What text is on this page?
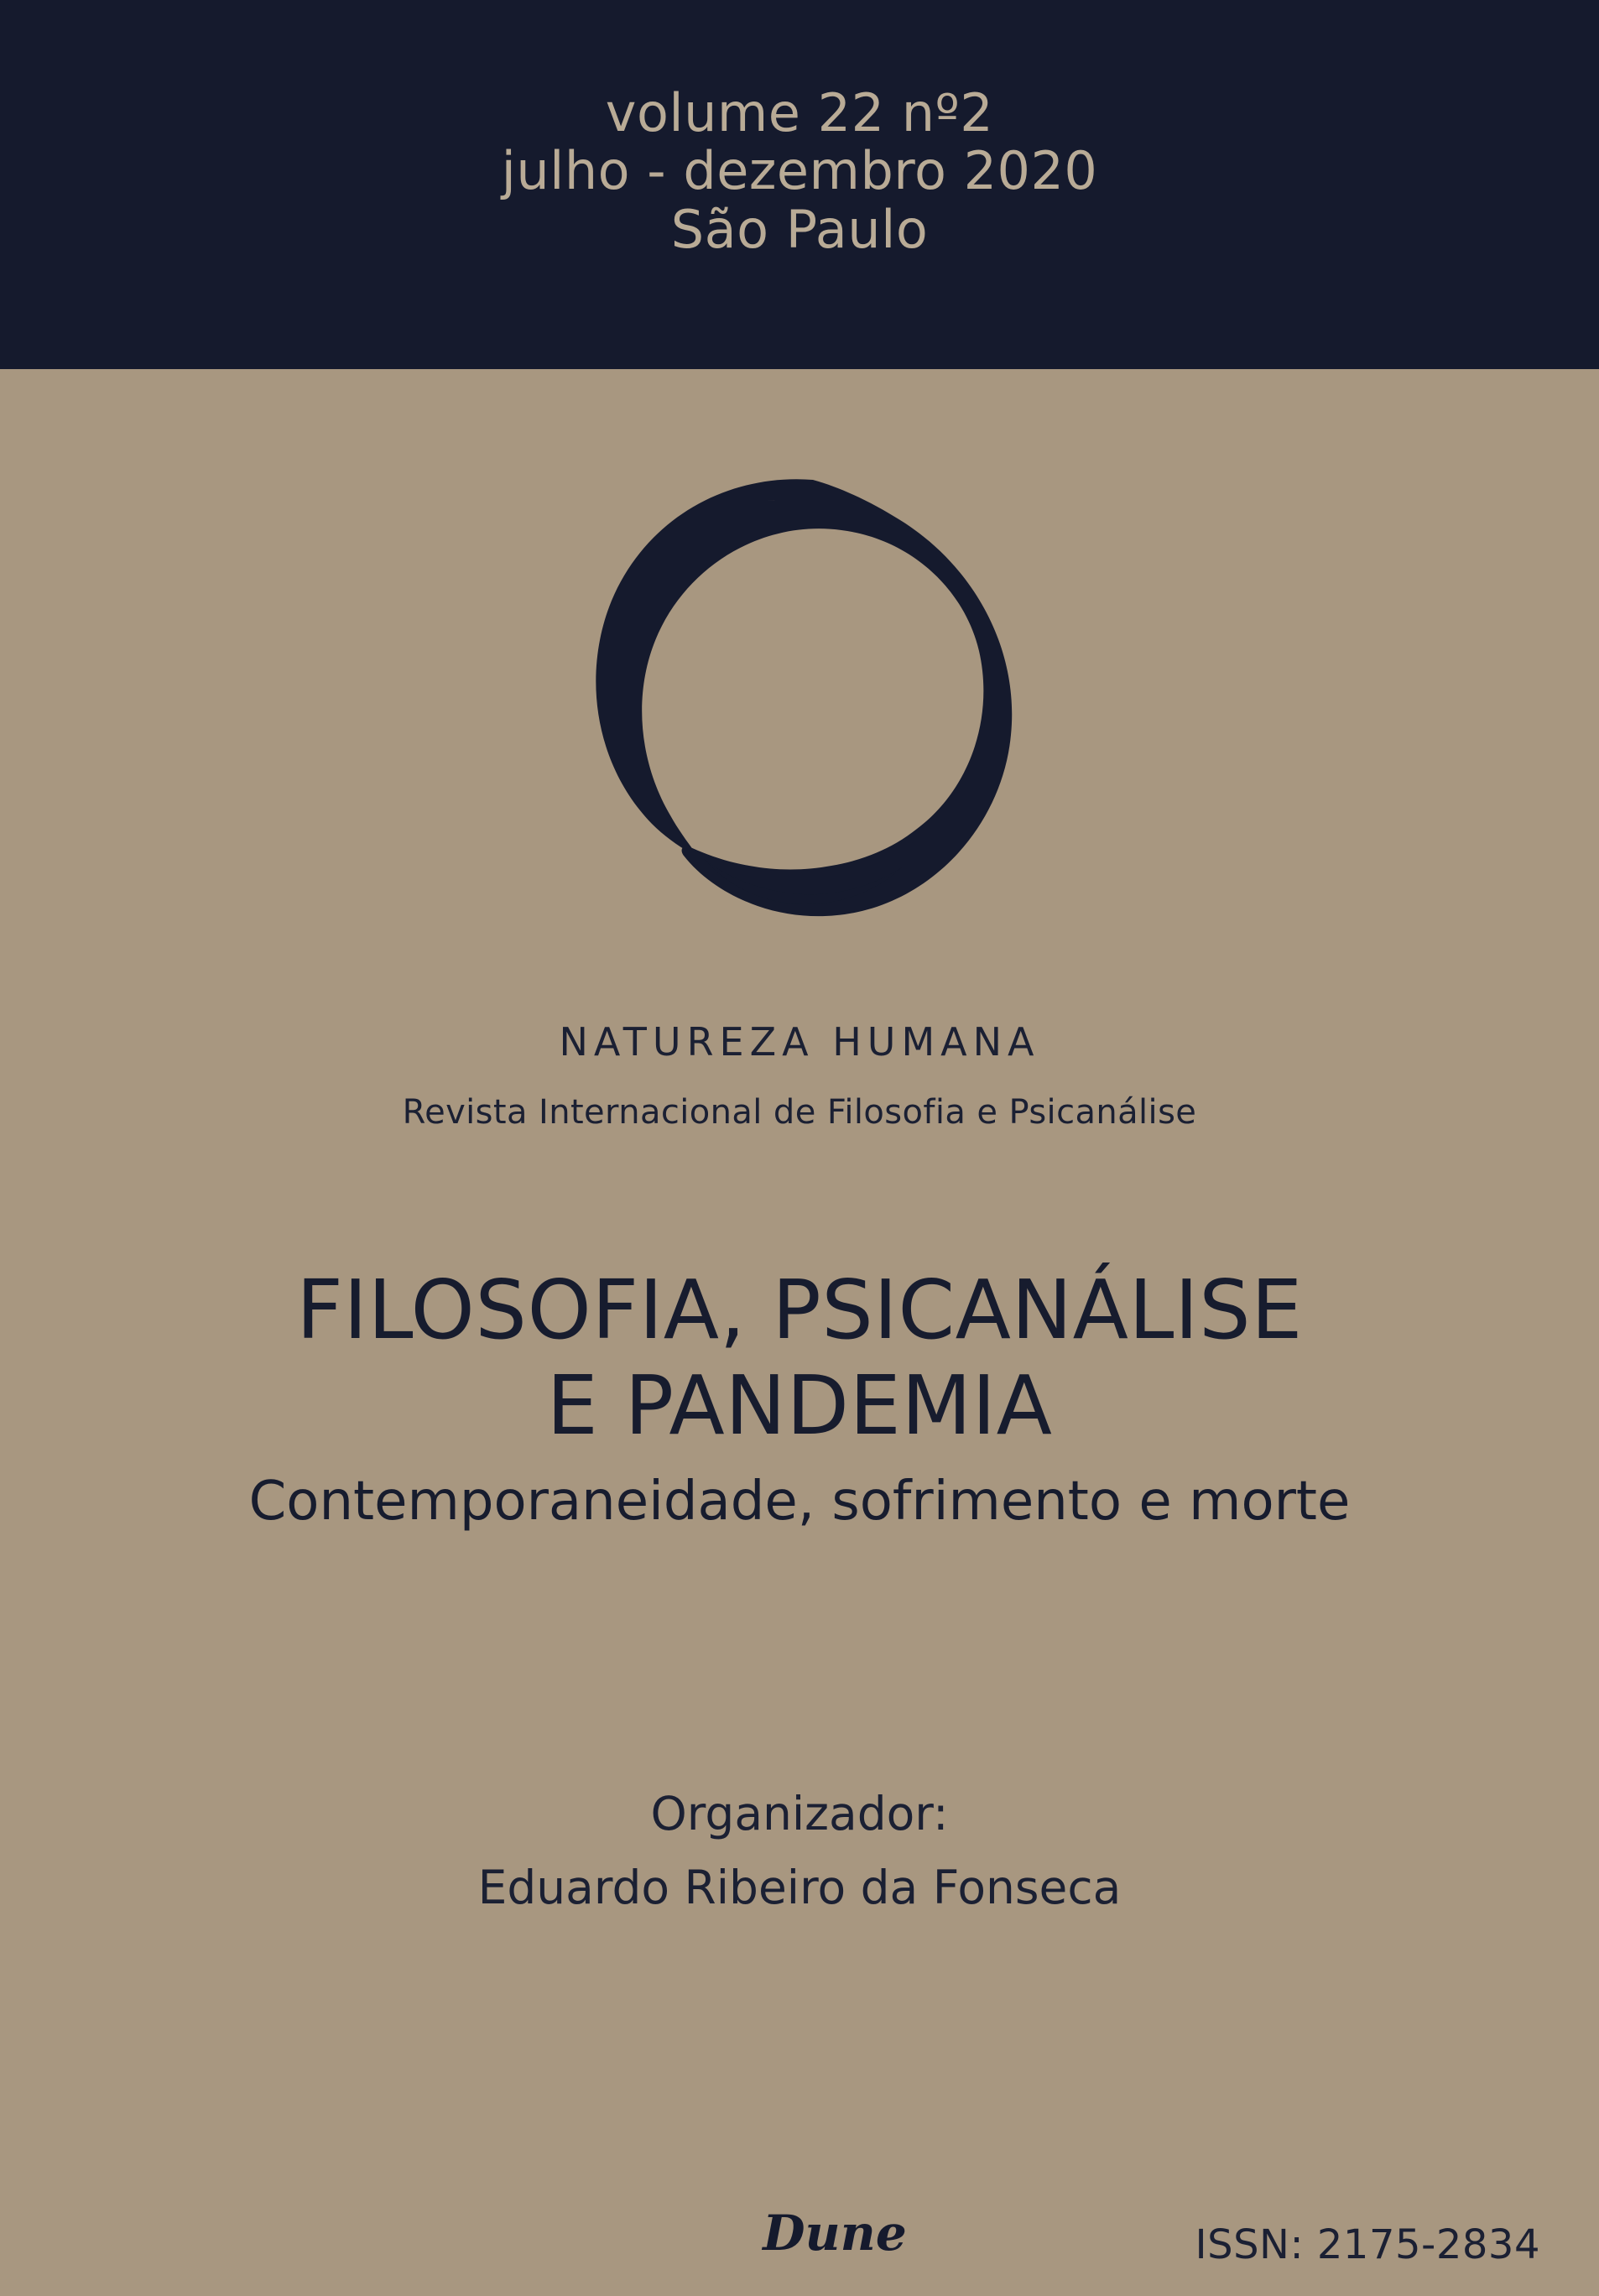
volume 22 nº2
julho - dezembro 2020
São Paulo
NATUREZA HUMANA
Revista Internacional de Filosofia e Psicanálise
FILOSOFIA, PSICANÁLISE
E PANDEMIA
Contemporaneidade, sofrimento e morte
Organizador:
Eduardo Ribeiro da Fonseca
Dune	ISSN: 2175-2834
